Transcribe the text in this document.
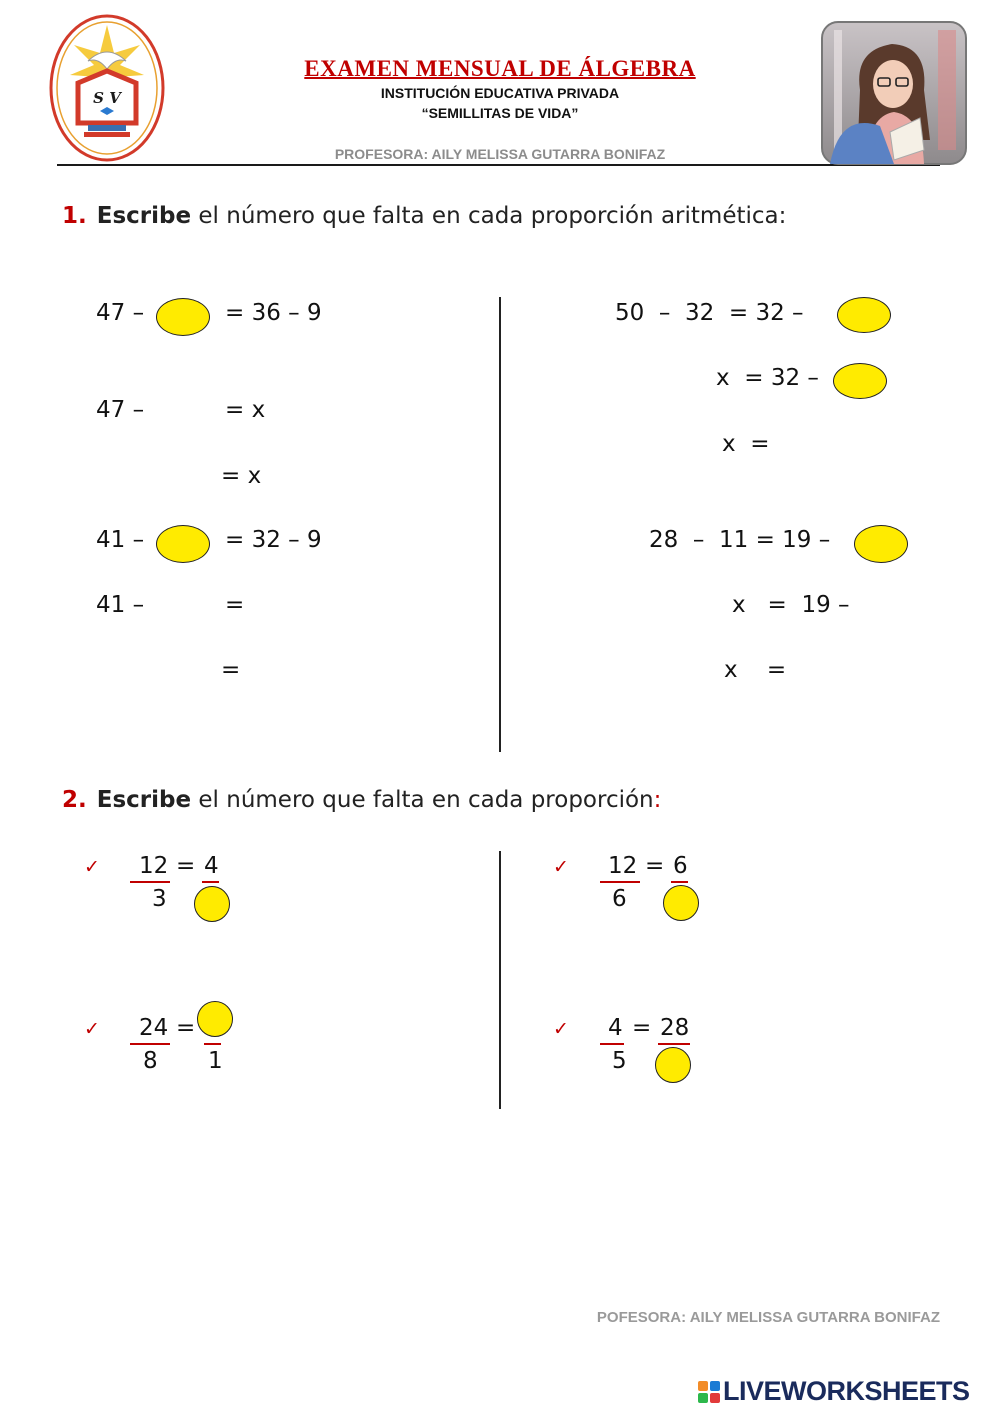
S V
EXAMEN MENSUAL DE ÁLGEBRA
INSTITUCIÓN EDUCATIVA PRIVADA
“SEMILLITAS DE VIDA”
PROFESORA: AILY MELISSA GUTARRA BONIFAZ
1. Escribe el número que falta en cada proporción aritmética:
47 –	= 36 – 9
47 –	= x
= x
41 –	= 32 – 9
41 –	=
=
50  –  32  = 32 –
x  = 32 –
x  =
28  –  11 = 19 –
x   =  19 –
x    =
2. Escribe el número que falta en cada proporción:
✓ 12 = 4
3
✓ 12 = 6
6
✓ 24 =
8 1
✓ 4 = 28
5
POFESORA: AILY MELISSA GUTARRA BONIFAZ
LIVEWORKSHEETS
